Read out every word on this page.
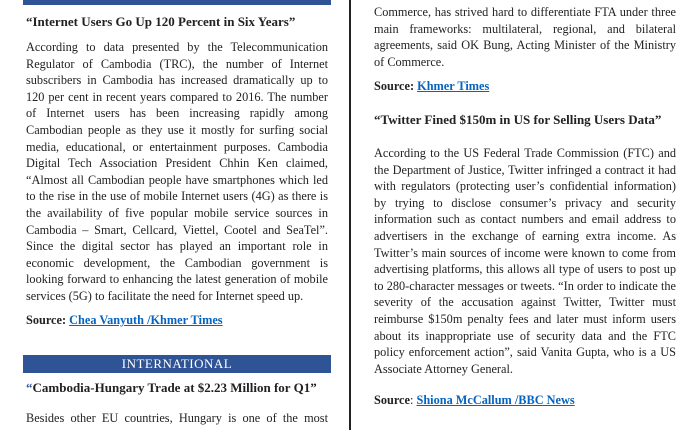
“Internet Users Go Up 120 Percent in Six Years”

According to data presented by the Telecommunication Regulator of Cambodia (TRC), the number of Internet subscribers in Cambodia has increased dramatically up to 120 per cent in recent years compared to 2016. The number of Internet users has been increasing rapidly among Cambodian people as they use it mostly for surfing social media, educational, or entertainment purposes. Cambodia Digital Tech Association President Chhin Ken claimed, “Almost all Cambodian people have smartphones which led to the rise in the use of mobile Internet users (4G) as there is the availability of five popular mobile service sources in Cambodia – Smart, Cellcard, Viettel, Cootel and SeaTel”. Since the digital sector has played an important role in economic development, the Cambodian government is looking forward to enhancing the latest generation of mobile services (5G) to facilitate the need for Internet speed up.

Source: Chea Vanyuth /Khmer Times
INTERNATIONAL
“Cambodia-Hungary Trade at $2.23 Million for Q1”

Besides other EU countries, Hungary is one of the most

Commerce, has strived hard to differentiate FTA under three main frameworks: multilateral, regional, and bilateral agreements, said OK Bung, Acting Minister of the Ministry of Commerce.

Source: Khmer Times
“Twitter Fined $150m in US for Selling Users Data”

According to the US Federal Trade Commission (FTC) and the Department of Justice, Twitter infringed a contract it had with regulators (protecting user’s confidential information) by trying to disclose consumer’s privacy and security information such as contact numbers and email address to advertisers in the exchange of earning extra income. As Twitter’s main sources of income were known to come from advertising platforms, this allows all type of users to post up to 280-character messages or tweets. “In order to indicate the severity of the accusation against Twitter, Twitter must reimburse $150m penalty fees and later must inform users about its inappropriate use of security data and the FTC policy enforcement action”, said Vanita Gupta, who is a US Associate Attorney General.

Source: Shiona McCallum /BBC News
